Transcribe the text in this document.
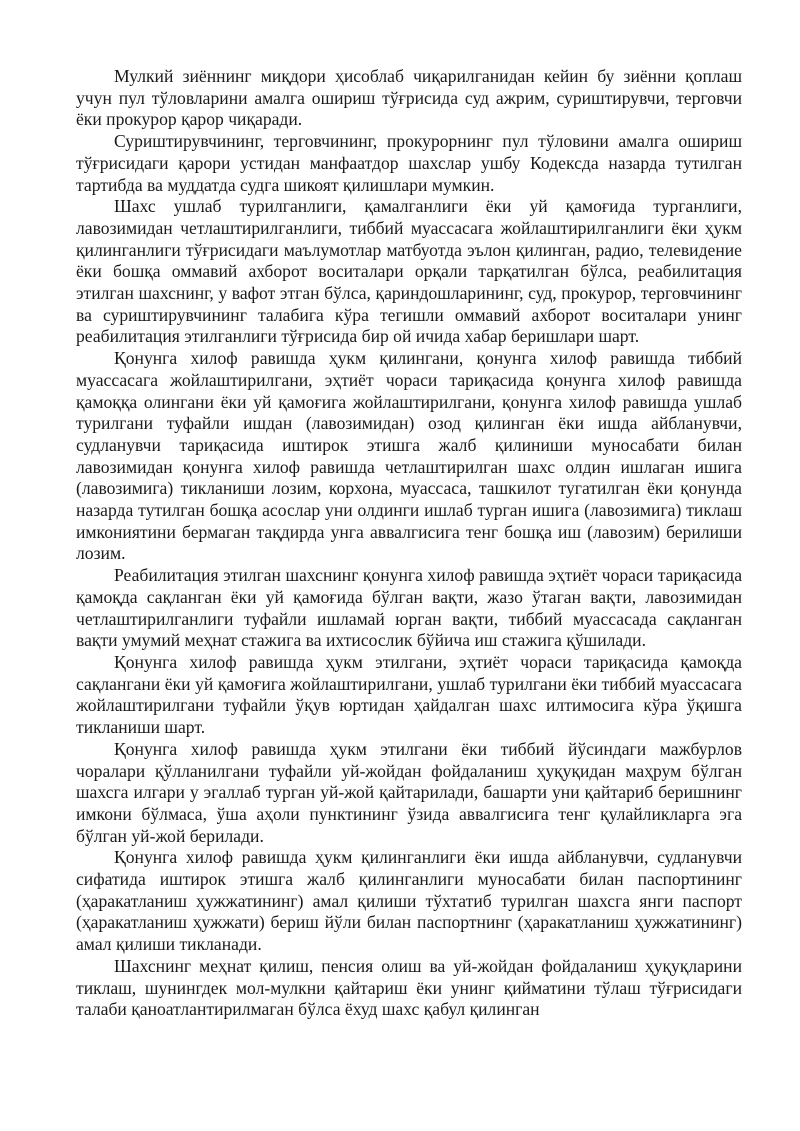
Мулкий зиённинг миқдори ҳисоблаб чиқарилганидан кейин бу зиённи қоплаш учун пул тўловларини амалга ошириш тўғрисида суд ажрим, суриштирувчи, терговчи ёки прокурор қарор чиқаради.

Суриштирувчининг, терговчининг, прокурорнинг пул тўловини амалга ошириш тўғрисидаги қарори устидан манфаатдор шахслар ушбу Кодексда назарда тутилган тартибда ва муддатда судга шикоят қилишлари мумкин.

Шахс ушлаб турилганлиги, қамалганлиги ёки уй қамоғида турганлиги, лавозимидан четлаштирилганлиги, тиббий муассасага жойлаштирилганлиги ёки ҳукм қилинганлиги тўғрисидаги маълумотлар матбуотда эълон қилинган, радио, телевидение ёки бошқа оммавий ахборот воситалари орқали тарқатилган бўлса, реабилитация этилган шахснинг, у вафот этган бўлса, қариндошларининг, суд, прокурор, терговчининг ва суриштирувчининг талабига кўра тегишли оммавий ахборот воситалари унинг реабилитация этилганлиги тўғрисида бир ой ичида хабар беришлари шарт.

Қонунга хилоф равишда ҳукм қилингани, қонунга хилоф равишда тиббий муассасага жойлаштирилгани, эҳтиёт чораси тариқасида қонунга хилоф равишда қамоққа олингани ёки уй қамоғига жойлаштирилгани, қонунга хилоф равишда ушлаб турилгани туфайли ишдан (лавозимидан) озод қилинган ёки ишда айбланувчи, судланувчи тариқасида иштирок этишга жалб қилиниши муносабати билан лавозимидан қонунга хилоф равишда четлаштирилган шахс олдин ишлаган ишига (лавозимига) тикланиши лозим, корхона, муассаса, ташкилот тугатилган ёки қонунда назарда тутилган бошқа асослар уни олдинги ишлаб турган ишига (лавозимига) тиклаш имкониятини бермаган тақдирда унга аввалгисига тенг бошқа иш (лавозим) берилиши лозим.

Реабилитация этилган шахснинг қонунга хилоф равишда эҳтиёт чораси тариқасида қамоқда сақланган ёки уй қамоғида бўлган вақти, жазо ўтаган вақти, лавозимидан четлаштирилганлиги туфайли ишламай юрган вақти, тиббий муассасада сақланган вақти умумий меҳнат стажига ва ихтисослик бўйича иш стажига қўшилади.

Қонунга хилоф равишда ҳукм этилгани, эҳтиёт чораси тариқасида қамоқда сақлангани ёки уй қамоғига жойлаштирилгани, ушлаб турилгани ёки тиббий муассасага жойлаштирилгани туфайли ўқув юртидан ҳайдалган шахс илтимосига кўра ўқишга тикланиши шарт.

Қонунга хилоф равишда ҳукм этилгани ёки тиббий йўсиндаги мажбурлов чоралари қўлланилгани туфайли уй-жойдан фойдаланиш ҳуқуқидан маҳрум бўлган шахсга илгари у эгаллаб турган уй-жой қайтарилади, башарти уни қайтариб беришнинг имкони бўлмаса, ўша аҳоли пунктининг ўзида аввалгисига тенг қулайликларга эга бўлган уй-жой берилади.

Қонунга хилоф равишда ҳукм қилинганлиги ёки ишда айбланувчи, судланувчи сифатида иштирок этишга жалб қилинганлиги муносабати билан паспортининг (ҳаракатланиш ҳужжатининг) амал қилиши тўхтатиб турилган шахсга янги паспорт (ҳаракатланиш ҳужжати) бериш йўли билан паспортнинг (ҳаракатланиш ҳужжатининг) амал қилиши тикланади.

Шахснинг меҳнат қилиш, пенсия олиш ва уй-жойдан фойдаланиш ҳуқуқларини тиклаш, шунингдек мол-мулкни қайтариш ёки унинг қийматини тўлаш тўғрисидаги талаби қаноатлантирилмаган бўлса ёхуд шахс қабул қилинган
